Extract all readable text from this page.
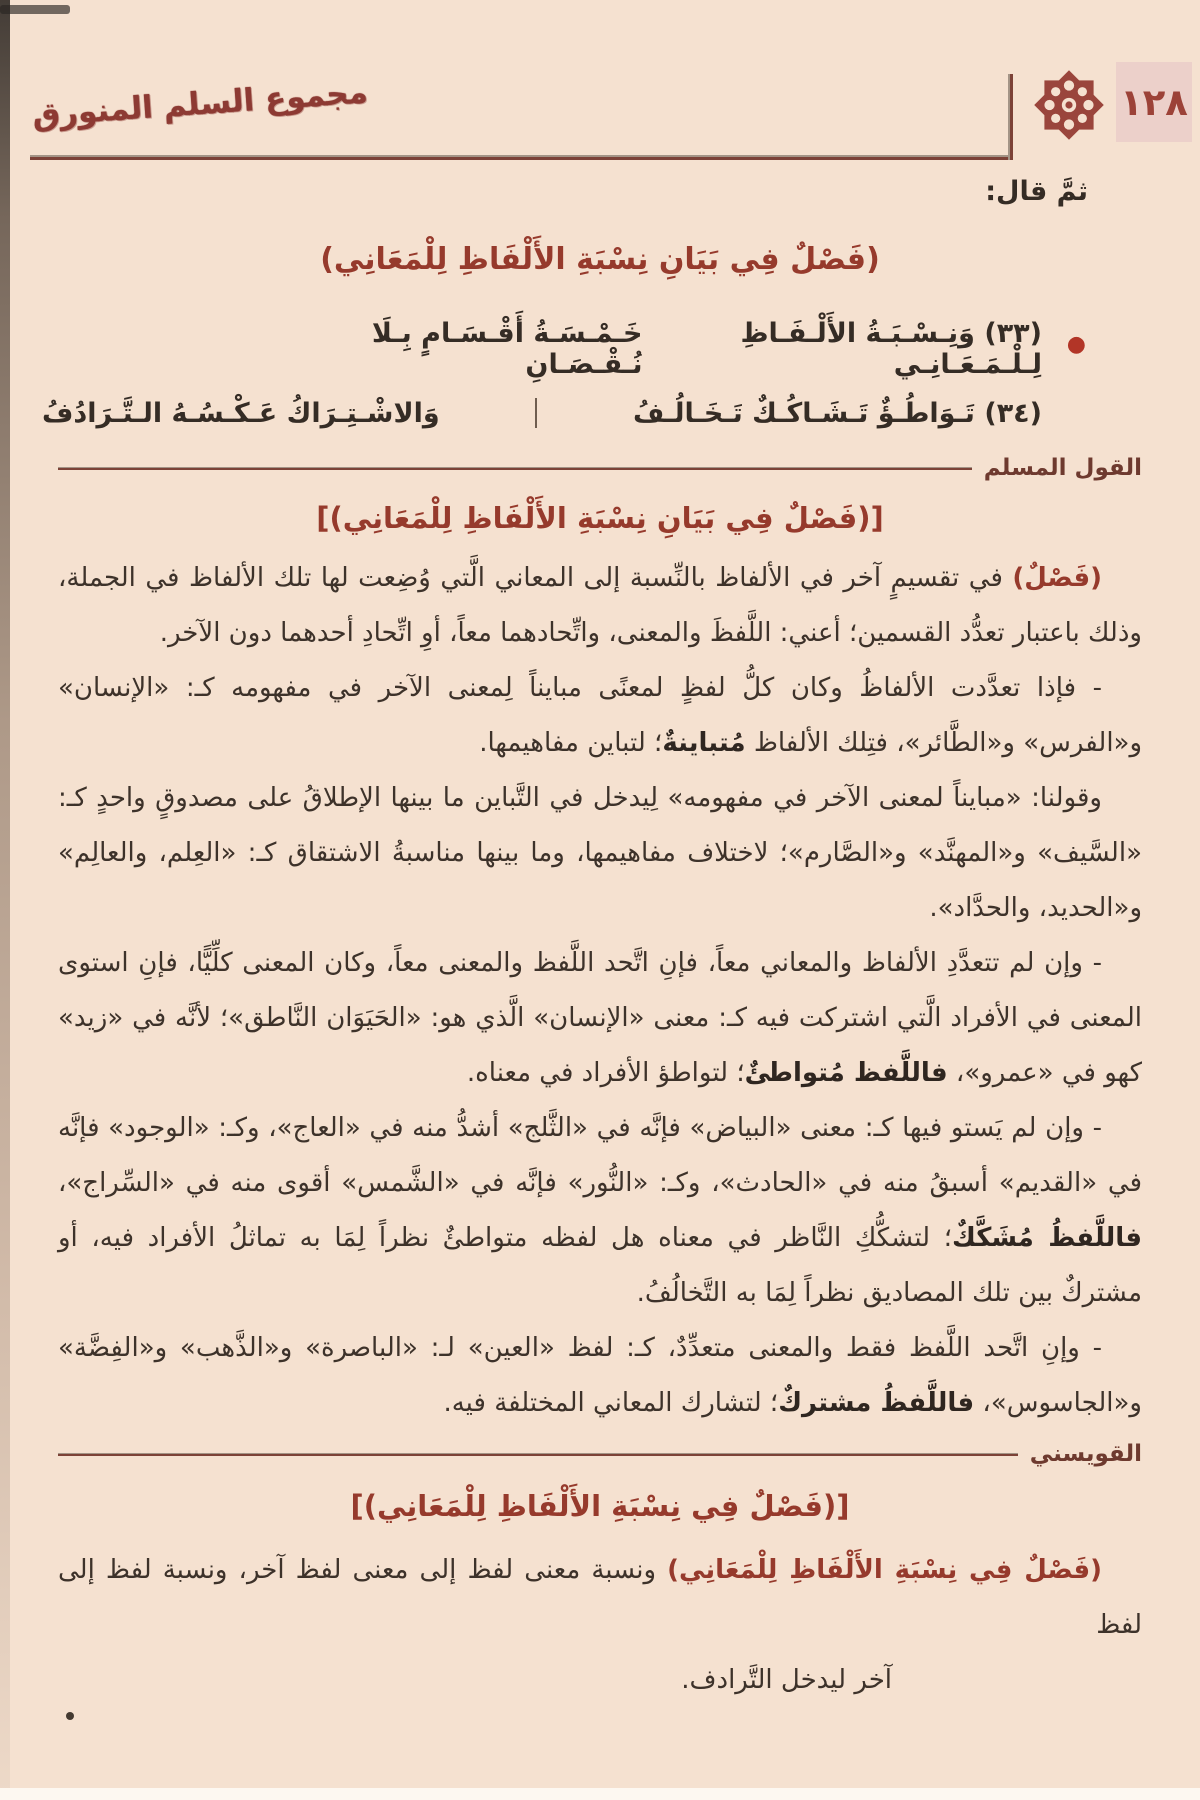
مجموع السلم المنورق	١٢٨
ثمَّ قال:
(فَصْلٌ فِي بَيَانِ نِسْبَةِ الأَلْفَاظِ لِلْمَعَانِي)
●
(٣٣) وَنِـسْـبَـةُ الأَلْـفَـاظِ لِـلْـمَـعَـانِـي
خَـمْـسَـةُ أَقْـسَـامٍ بِـلَا نُـقْـصَـانِ
(٣٤) تَـوَاطُـؤٌ تَـشَـاكُـكٌ تَـخَـالُـفُ
وَالاشْـتِـرَاكُ عَـكْـسُـهُ الـتَّـرَادُفُ
القول المسلم
[(فَصْلٌ فِي بَيَانِ نِسْبَةِ الأَلْفَاظِ لِلْمَعَانِي)]

(فَصْلٌ) في تقسيمٍ آخر في الألفاظ بالنِّسبة إلى المعاني الَّتي وُضِعت لها تلك الألفاظ في الجملة، وذلك باعتبار تعدُّد القسمين؛ أعني: اللَّفظَ والمعنى، واتِّحادهما معاً، أوِ اتِّحادِ أحدهما دون الآخر.

- فإذا تعدَّدت الألفاظُ وكان كلُّ لفظٍ لمعنًى مبايناً لِمعنى الآخر في مفهومه كـ: «الإنسان» و«الفرس» و«الطَّائر»، فتِلك الألفاظ مُتباينةٌ؛ لتباين مفاهيمها.

وقولنا: «مبايناً لمعنى الآخر في مفهومه» لِيدخل في التَّباين ما بينها الإطلاقُ على مصدوقٍ واحدٍ كـ: «السَّيف» و«المهنَّد» و«الصَّارم»؛ لاختلاف مفاهيمها، وما بينها مناسبةُ الاشتقاق كـ: «العِلم، والعالِم» و«الحديد، والحدَّاد».

- وإن لم تتعدَّدِ الألفاظ والمعاني معاً، فإنِ اتَّحد اللَّفظ والمعنى معاً، وكان المعنى كلِّيًّا، فإنِ استوى المعنى في الأفراد الَّتي اشتركت فيه كـ: معنى «الإنسان» الَّذي هو: «الحَيَوَان النَّاطق»؛ لأنَّه في «زيد» كهو في «عمرو»، فاللَّفظ مُتواطئٌ؛ لتواطؤ الأفراد في معناه.

- وإن لم يَستو فيها كـ: معنى «البياض» فإنَّه في «الثَّلج» أشدُّ منه في «العاج»، وكـ: «الوجود» فإنَّه في «القديم» أسبقُ منه في «الحادث»، وكـ: «النُّور» فإنَّه في «الشَّمس» أقوى منه في «السِّراج»، فاللَّفظُ مُشَكَّكٌ؛ لتشكُّكِ النَّاظر في معناه هل لفظه متواطئٌ نظراً لِمَا به تماثلُ الأفراد فيه، أو مشتركٌ بين تلك المصاديق نظراً لِمَا به التَّخالُفُ.

- وإنِ اتَّحد اللَّفظ فقط والمعنى متعدِّدٌ، كـ: لفظ «العين» لـ: «الباصرة» و«الذَّهب» و«الفِضَّة» و«الجاسوس»، فاللَّفظُ مشتركٌ؛ لتشارك المعاني المختلفة فيه.

القويسني
[(فَصْلٌ فِي نِسْبَةِ الأَلْفَاظِ لِلْمَعَانِي)]

(فَصْلٌ فِي نِسْبَةِ الأَلْفَاظِ لِلْمَعَانِي) ونسبة معنى لفظ إلى معنى لفظ آخر، ونسبة لفظ إلى لفظ

آخر ليدخل التَّرادف.
